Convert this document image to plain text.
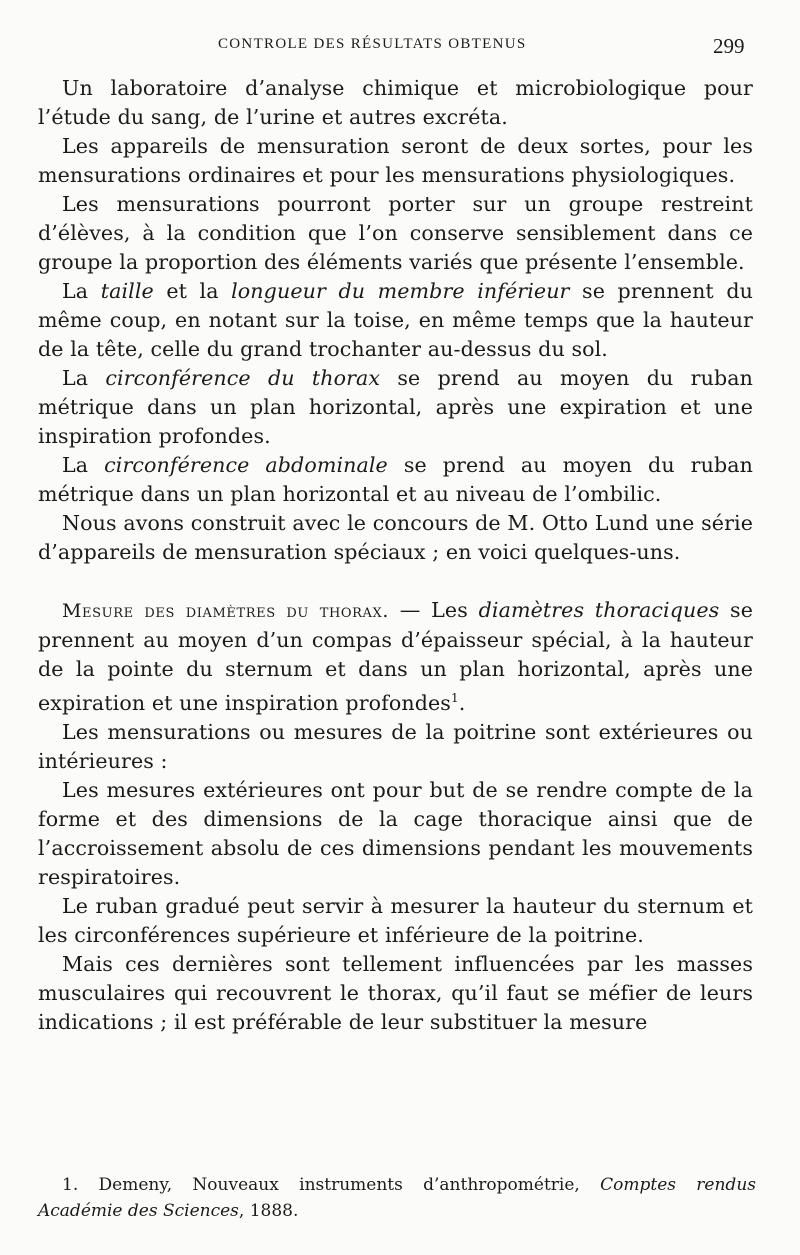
CONTROLE DES RÉSULTATS OBTENUS	299

Un laboratoire d’analyse chimique et microbiologique pour l’étude du sang, de l’urine et autres excréta.

Les appareils de mensuration seront de deux sortes, pour les mensurations ordinaires et pour les mensurations physiologiques.

Les mensurations pourront porter sur un groupe restreint d’élèves, à la condition que l’on conserve sensiblement dans ce groupe la proportion des éléments variés que présente l’ensemble.

La taille et la longueur du membre inférieur se prennent du même coup, en notant sur la toise, en même temps que la hauteur de la tête, celle du grand trochanter au-dessus du sol.

La circonférence du thorax se prend au moyen du ruban métrique dans un plan horizontal, après une expiration et une inspiration profondes.

La circonférence abdominale se prend au moyen du ruban métrique dans un plan horizontal et au niveau de l’ombilic.

Nous avons construit avec le concours de M. Otto Lund une série d’appareils de mensuration spéciaux ; en voici quelques-uns.

Mesure des diamètres du thorax. — Les diamètres thoraciques se prennent au moyen d’un compas d’épaisseur spécial, à la hauteur de la pointe du sternum et dans un plan horizontal, après une expiration et une inspiration profondes$^1$.

Les mensurations ou mesures de la poitrine sont extérieures ou intérieures :

Les mesures extérieures ont pour but de se rendre compte de la forme et des dimensions de la cage thoracique ainsi que de l’accroissement absolu de ces dimensions pendant les mouvements respiratoires.

Le ruban gradué peut servir à mesurer la hauteur du sternum et les circonférences supérieure et inférieure de la poitrine.

Mais ces dernières sont tellement influencées par les masses musculaires qui recouvrent le thorax, qu’il faut se méfier de leurs indications ; il est préférable de leur substituer la mesure

1. Demeny, Nouveaux instruments d’anthropométrie, Comptes rendus Académie des Sciences, 1888.
